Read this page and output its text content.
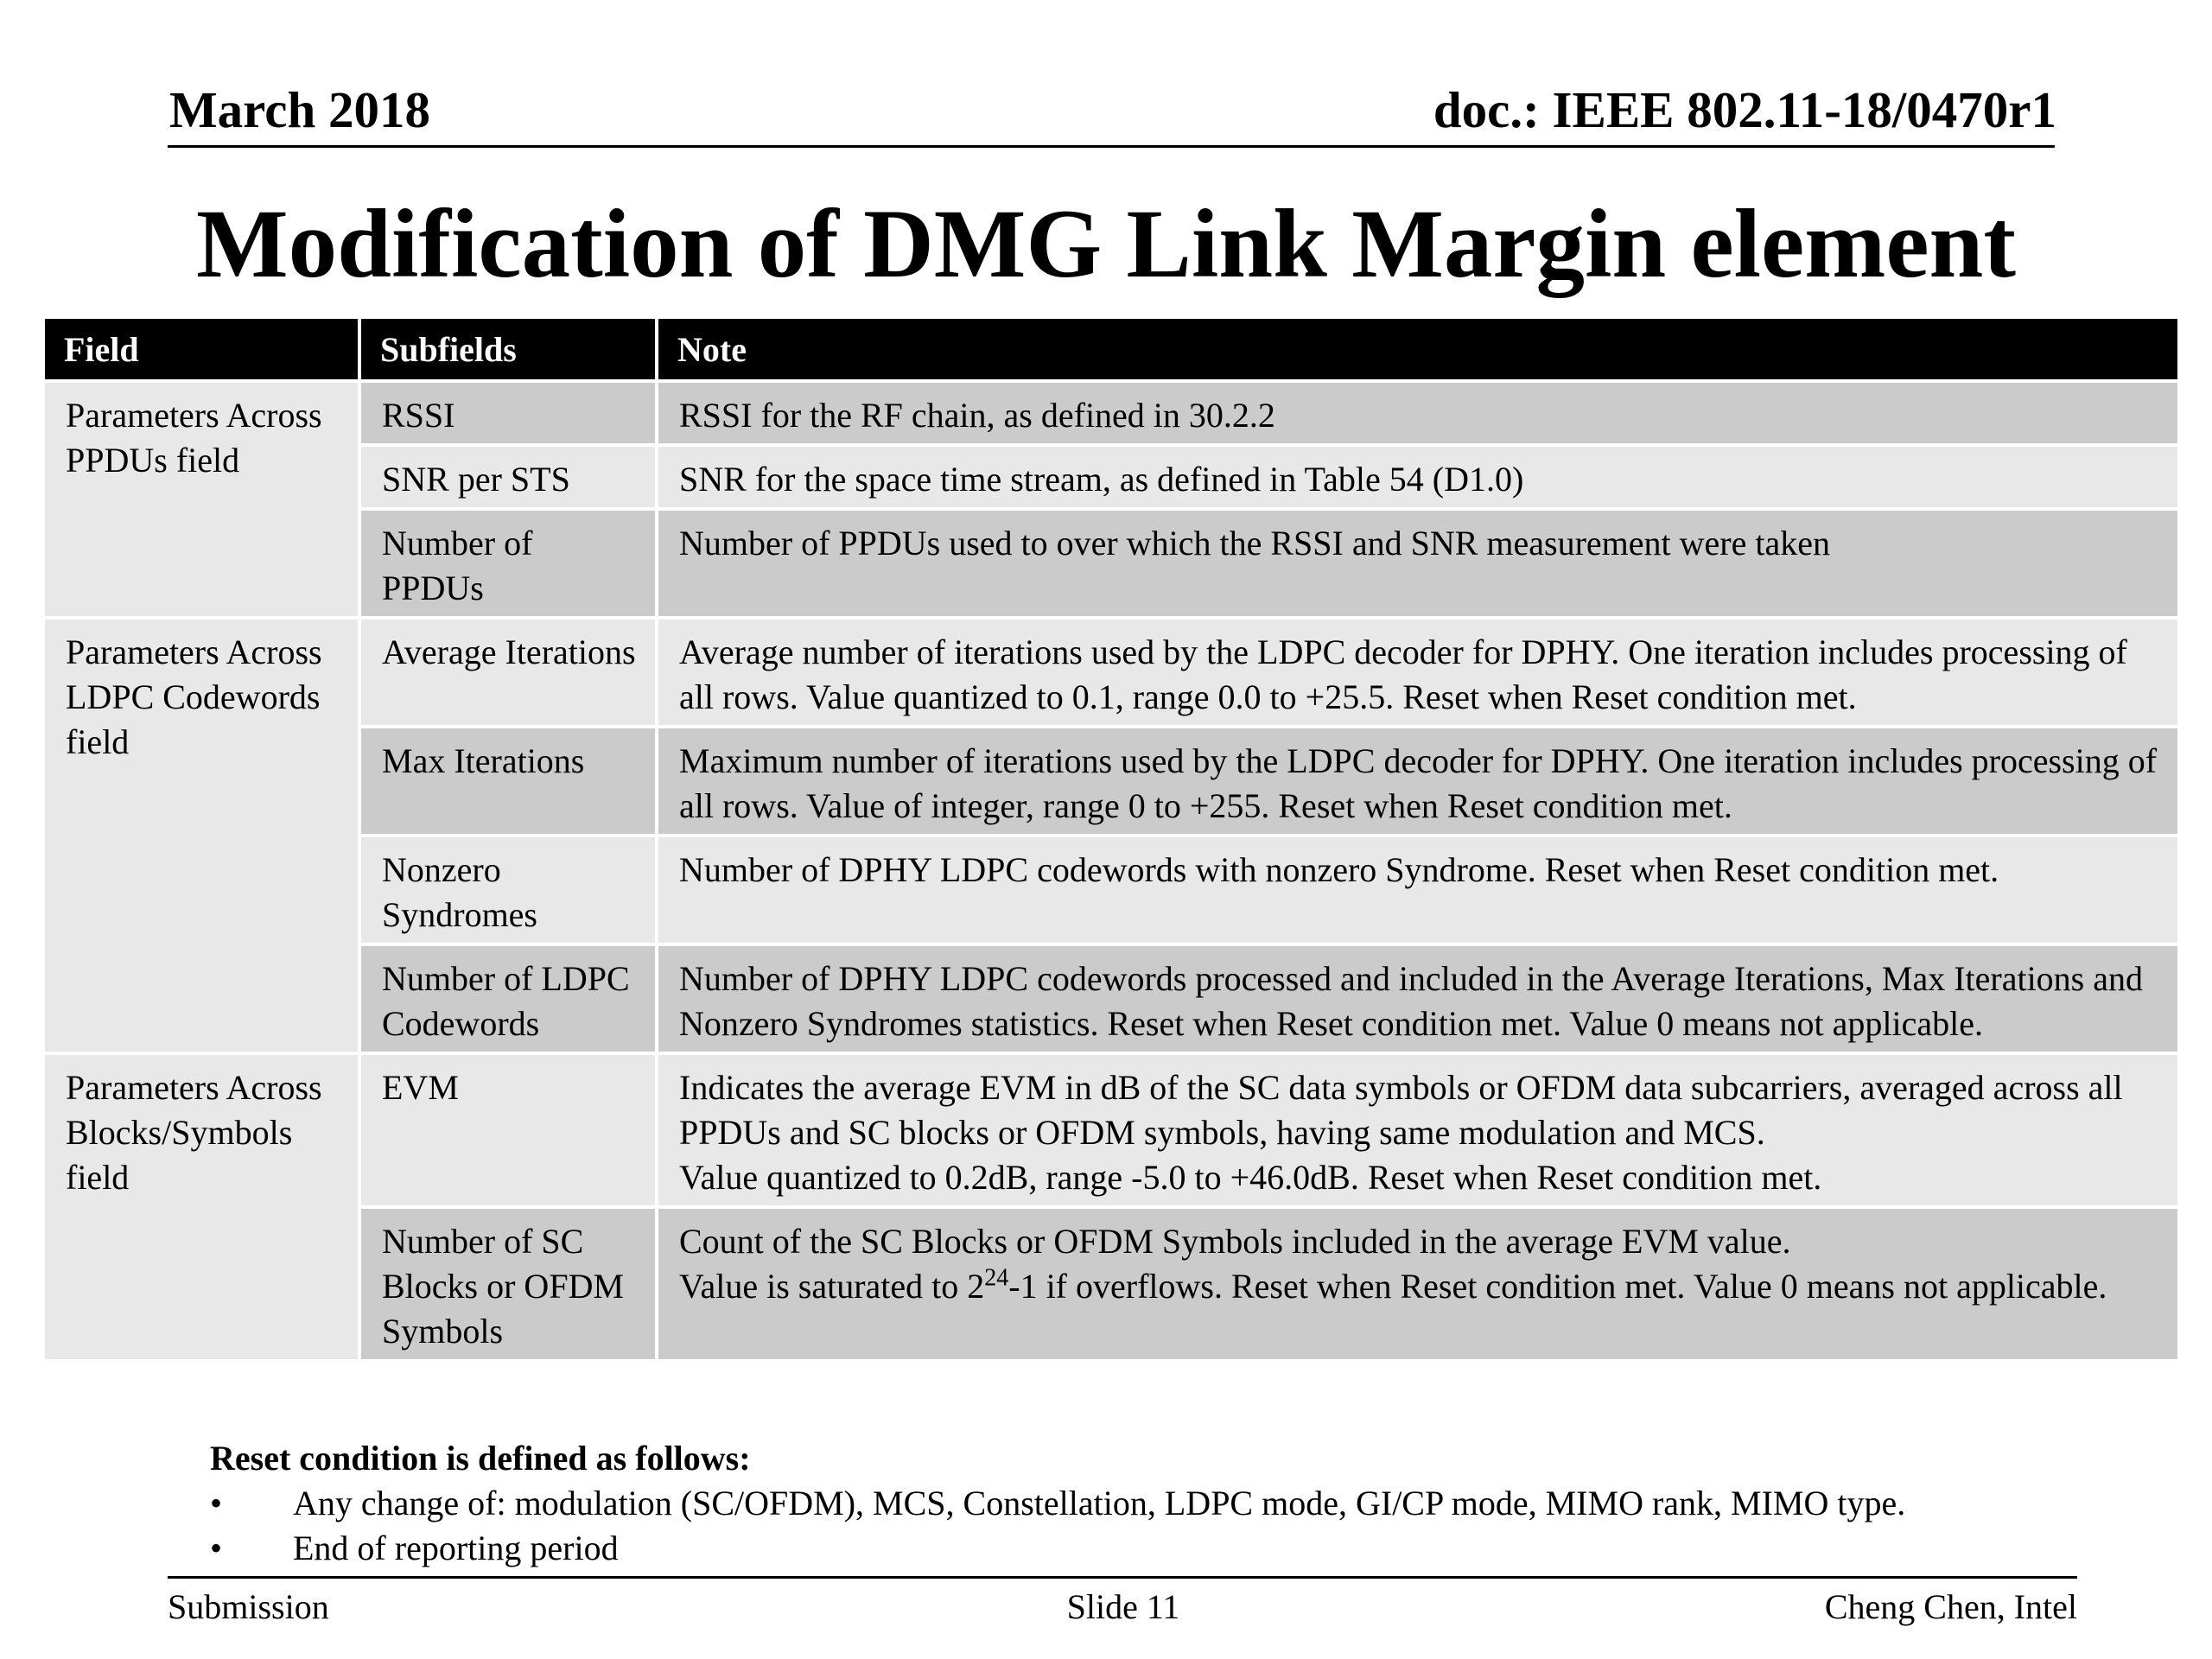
March 2018	doc.: IEEE 802.11-18/0470r1
Modification of DMG Link Margin element
Field	Subfields	Note
Parameters Across PPDUs field	RSSI	RSSI for the RF chain, as defined in 30.2.2
	SNR per STS	SNR for the space time stream, as defined in Table 54 (D1.0)
	Number of PPDUs	Number of PPDUs used to over which the RSSI and SNR measurement were taken
Parameters Across LDPC Codewords field	Average Iterations	Average number of iterations used by the LDPC decoder for DPHY. One iteration includes processing of all rows. Value quantized to 0.1, range 0.0 to +25.5. Reset when Reset condition met.
	Max Iterations	Maximum number of iterations used by the LDPC decoder for DPHY. One iteration includes processing of all rows. Value of integer, range 0 to +255. Reset when Reset condition met.
	Nonzero Syndromes	Number of DPHY LDPC codewords with nonzero Syndrome. Reset when Reset condition met.
	Number of LDPC Codewords	Number of DPHY LDPC codewords processed and included in the Average Iterations, Max Iterations and Nonzero Syndromes statistics. Reset when Reset condition met. Value 0 means not applicable.
Parameters Across Blocks/Symbols field	EVM	Indicates the average EVM in dB of the SC data symbols or OFDM data subcarriers, averaged across all PPDUs and SC blocks or OFDM symbols, having same modulation and MCS.
Value quantized to 0.2dB, range -5.0 to +46.0dB. Reset when Reset condition met.

	Number of SC Blocks or OFDM Symbols	Count of the SC Blocks or OFDM Symbols included in the average EVM value.
Value is saturated to $2^{24}-1$ if overflows. Reset when Reset condition met. Value 0 means not applicable.
Reset condition is defined as follows:
• Any change of: modulation (SC/OFDM), MCS, Constellation, LDPC mode, GI/CP mode, MIMO rank, MIMO type.
• End of reporting period
Submission	Slide 11	Cheng Chen, Intel
